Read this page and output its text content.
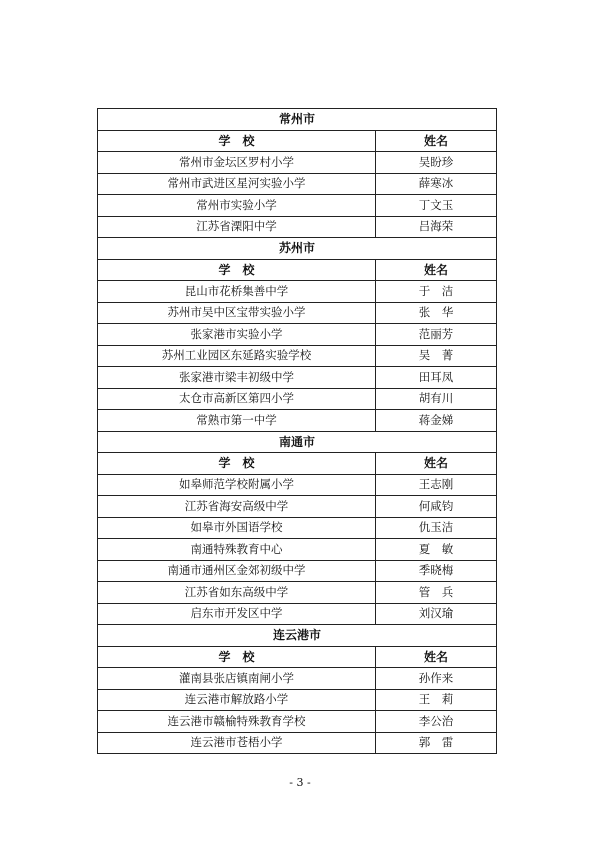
常州市	
学　校	姓名
常州市金坛区罗村小学	吴盼珍
常州市武进区星河实验小学	薛寒冰
常州市实验小学	丁文玉
江苏省溧阳中学	吕海荣
苏州市	
学　校	姓名
昆山市花桥集善中学	于　洁
苏州市吴中区宝带实验小学	张　华
张家港市实验小学	范丽芳
苏州工业园区东延路实验学校	吴　菁
张家港市梁丰初级中学	田耳凤
太仓市高新区第四小学	胡有川
常熟市第一中学	蒋金娣
南通市	
学　校	姓名
如皋师范学校附属小学	王志刚
江苏省海安高级中学	何咸钧
如皋市外国语学校	仇玉洁
南通特殊教育中心	夏　敏
南通市通州区金郊初级中学	季晓梅
江苏省如东高级中学	管　兵
启东市开发区中学	刘汉瑜
连云港市	
学　校	姓名
灌南县张店镇南闸小学	孙作来
连云港市解放路小学	王　莉
连云港市赣榆特殊教育学校	李公治
连云港市苍梧小学	郭　雷
- 3 -
